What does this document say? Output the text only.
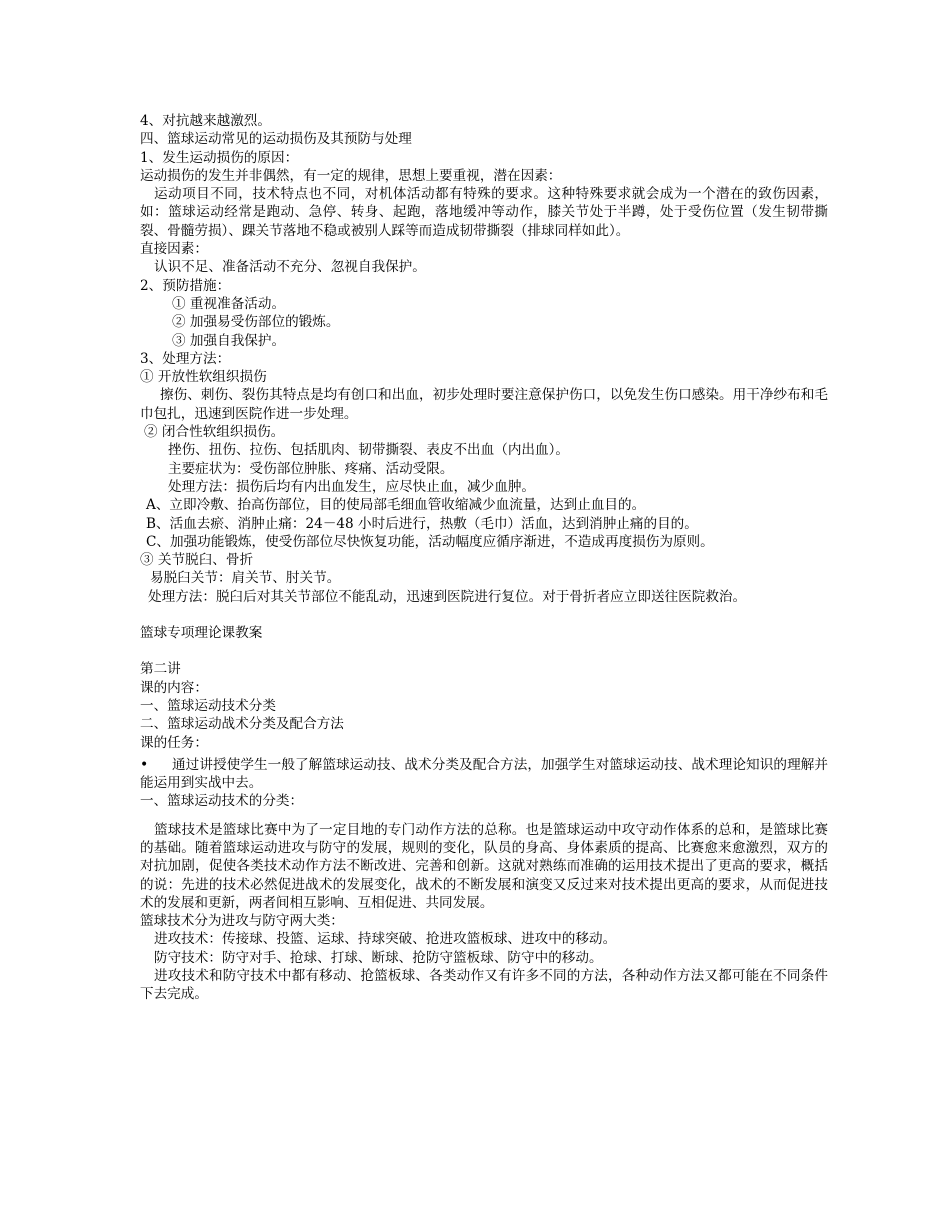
4、对抗越来越激烈。

四、篮球运动常见的运动损伤及其预防与处理

1、发生运动损伤的原因：

运动损伤的发生并非偶然，有一定的规律，思想上要重视，潜在因素：

运动项目不同，技术特点也不同，对机体活动都有特殊的要求。这种特殊要求就会成为一个潜在的致伤因素，如：篮球运动经常是跑动、急停、转身、起跑，落地缓冲等动作，膝关节处于半蹲，处于受伤位置（发生韧带撕裂、骨髓劳损）、踝关节落地不稳或被别人踩等而造成韧带撕裂（排球同样如此）。

直接因素：

认识不足、准备活动不充分、忽视自我保护。

2、预防措施：

① 重视准备活动。

② 加强易受伤部位的锻炼。

③ 加强自我保护。

3、处理方法：

① 开放性软组织损伤

擦伤、刺伤、裂伤其特点是均有创口和出血，初步处理时要注意保护伤口，以免发生伤口感染。用干净纱布和毛巾包扎，迅速到医院作进一步处理。

② 闭合性软组织损伤。

挫伤、扭伤、拉伤、包括肌肉、韧带撕裂、表皮不出血（内出血）。

主要症状为：受伤部位肿胀、疼痛、活动受限。

处理方法：损伤后均有内出血发生，应尽快止血，减少血肿。

A、立即冷敷、抬高伤部位，目的使局部毛细血管收缩减少血流量，达到止血目的。

B、活血去瘀、消肿止痛：24－48 小时后进行，热敷（毛巾）活血，达到消肿止痛的目的。

C、加强功能锻炼，使受伤部位尽快恢复功能，活动幅度应循序渐进，不造成再度损伤为原则。

③ 关节脱臼、骨折

易脱臼关节：肩关节、肘关节。

处理方法：脱臼后对其关节部位不能乱动，迅速到医院进行复位。对于骨折者应立即送往医院救治。

篮球专项理论课教案

第二讲

课的内容：

一、篮球运动技术分类

二、篮球运动战术分类及配合方法

课的任务：

•	通过讲授使学生一般了解篮球运动技、战术分类及配合方法，加强学生对篮球运动技、战术理论知识的理解并能运用到实战中去。

一、篮球运动技术的分类：

篮球技术是篮球比赛中为了一定目地的专门动作方法的总称。也是篮球运动中攻守动作体系的总和，是篮球比赛的基础。随着篮球运动进攻与防守的发展，规则的变化，队员的身高、身体素质的提高、比赛愈来愈激烈，双方的对抗加剧，促使各类技术动作方法不断改进、完善和创新。这就对熟练而准确的运用技术提出了更高的要求，概括的说：先进的技术必然促进战术的发展变化，战术的不断发展和演变又反过来对技术提出更高的要求，从而促进技术的发展和更新，两者间相互影响、互相促进、共同发展。

篮球技术分为进攻与防守两大类：

进攻技术：传接球、投篮、运球、持球突破、抢进攻篮板球、进攻中的移动。

防守技术：防守对手、抢球、打球、断球、抢防守篮板球、防守中的移动。

进攻技术和防守技术中都有移动、抢篮板球、各类动作又有许多不同的方法，各种动作方法又都可能在不同条件下去完成。
